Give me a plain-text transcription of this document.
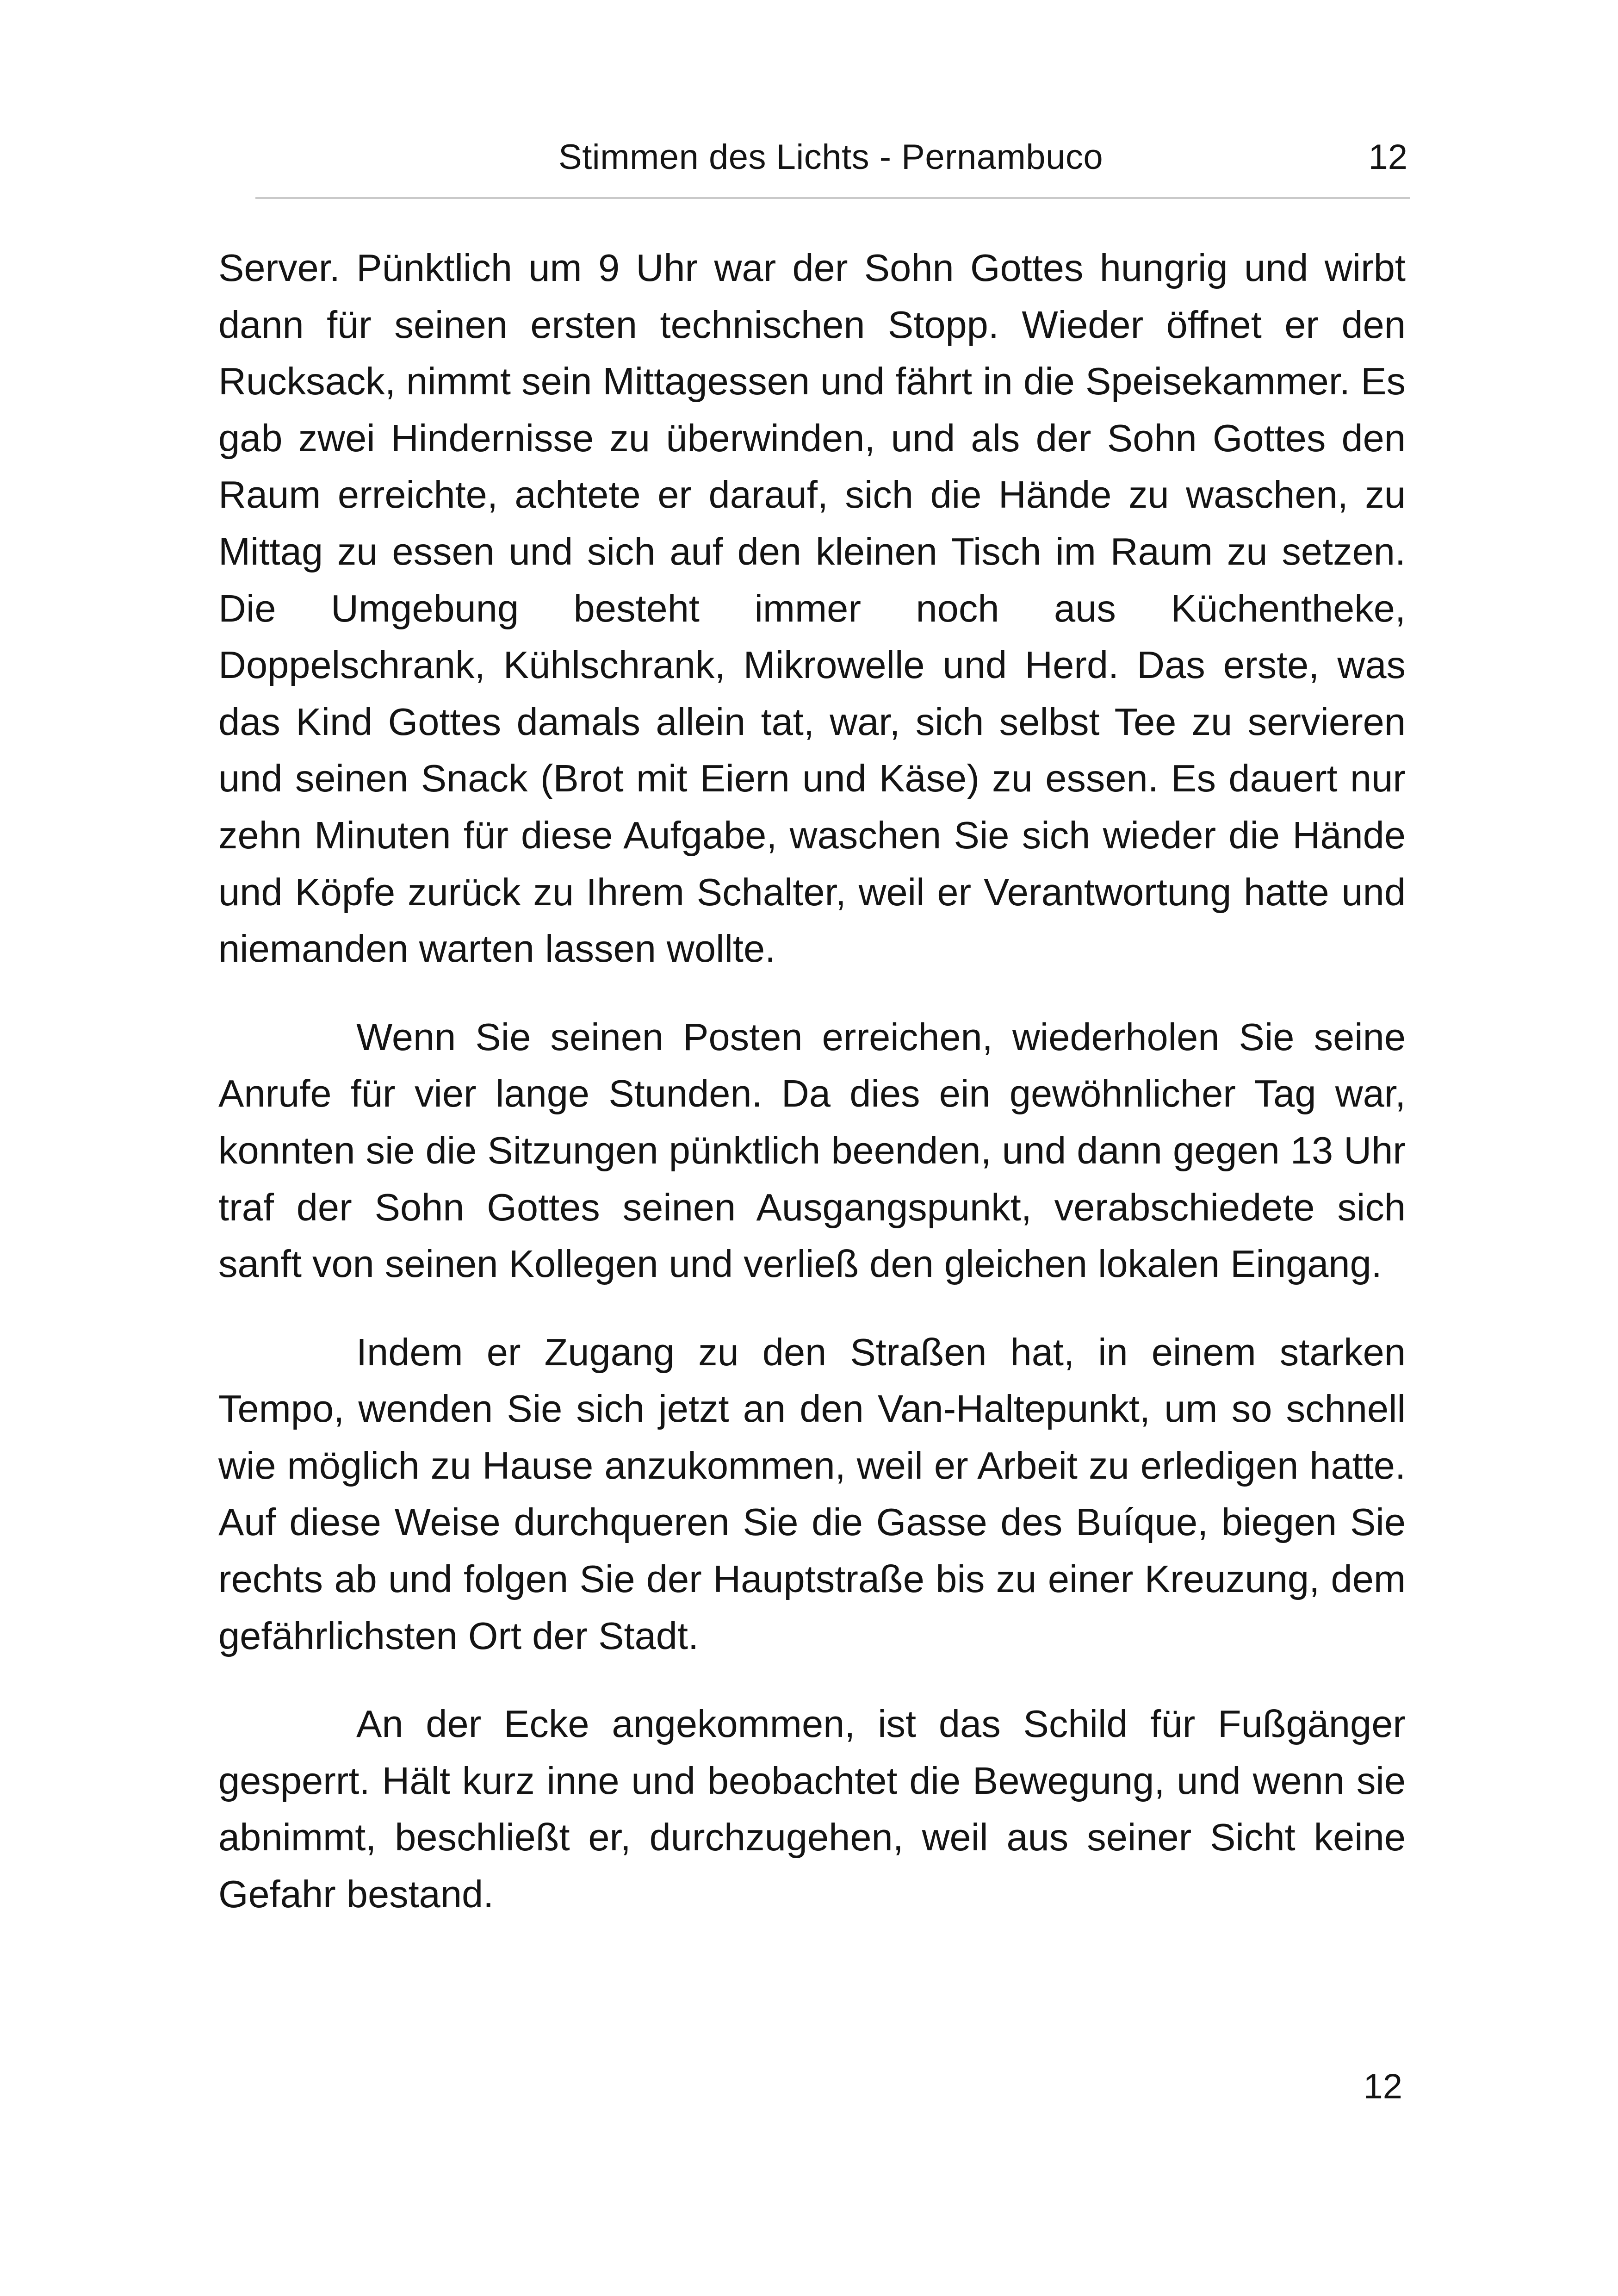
Stimmen des Lichts - Pernambuco	12

Server. Pünktlich um 9 Uhr war der Sohn Gottes hungrig und wirbt dann für seinen ersten technischen Stopp. Wieder öffnet er den Rucksack, nimmt sein Mittagessen und fährt in die Speisekammer. Es gab zwei Hindernisse zu überwinden, und als der Sohn Gottes den Raum erreichte, achtete er darauf, sich die Hände zu waschen, zu Mittag zu essen und sich auf den kleinen Tisch im Raum zu setzen. Die Umgebung besteht immer noch aus Küchentheke, Doppelschrank, Kühlschrank, Mikrowelle und Herd. Das erste, was das Kind Gottes damals allein tat, war, sich selbst Tee zu servieren und seinen Snack (Brot mit Eiern und Käse) zu essen. Es dauert nur zehn Minuten für diese Aufgabe, waschen Sie sich wieder die Hände und Köpfe zurück zu Ihrem Schalter, weil er Verantwortung hatte und niemanden warten lassen wollte.

Wenn Sie seinen Posten erreichen, wiederholen Sie seine Anrufe für vier lange Stunden. Da dies ein gewöhnlicher Tag war, konnten sie die Sitzungen pünktlich beenden, und dann gegen 13 Uhr traf der Sohn Gottes seinen Ausgangspunkt, verabschiedete sich sanft von seinen Kollegen und verließ den gleichen lokalen Eingang.

Indem er Zugang zu den Straßen hat, in einem starken Tempo, wenden Sie sich jetzt an den Van-Haltepunkt, um so schnell wie möglich zu Hause anzukommen, weil er Arbeit zu erledigen hatte. Auf diese Weise durchqueren Sie die Gasse des Buíque, biegen Sie rechts ab und folgen Sie der Hauptstraße bis zu einer Kreuzung, dem gefährlichsten Ort der Stadt.

An der Ecke angekommen, ist das Schild für Fußgänger gesperrt. Hält kurz inne und beobachtet die Bewegung, und wenn sie abnimmt, beschließt er, durchzugehen, weil aus seiner Sicht keine Gefahr bestand.

12
